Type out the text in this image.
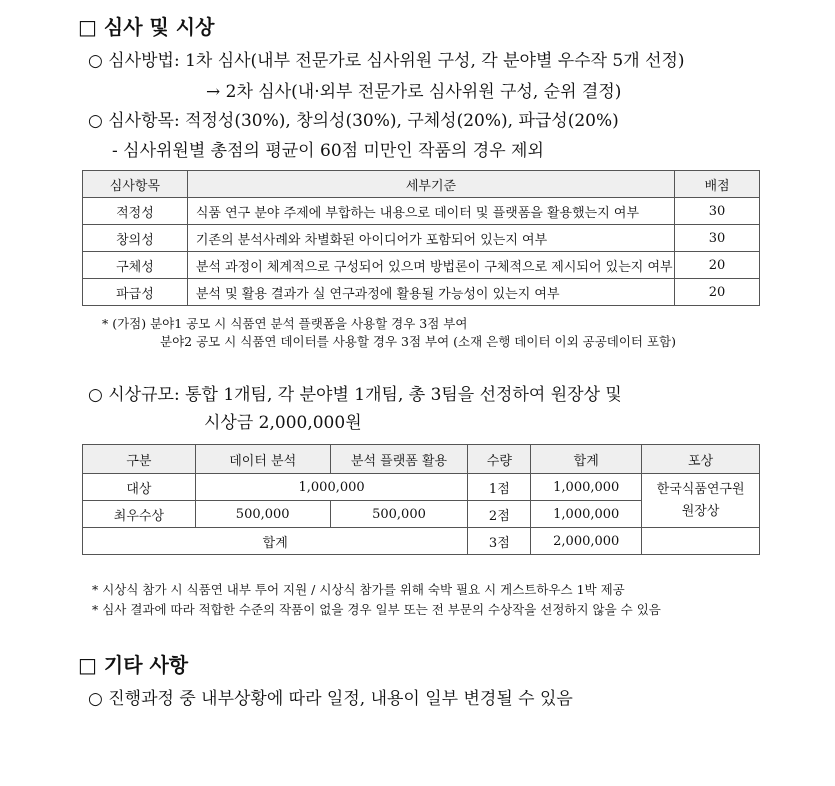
□ 심사 및 시상
○ 심사방법: 1차 심사(내부 전문가로 심사위원 구성, 각 분야별 우수작 5개 선정)
→ 2차 심사(내·외부 전문가로 심사위원 구성, 순위 결정)
○ 심사항목: 적정성(30%), 창의성(30%), 구체성(20%), 파급성(20%)
- 심사위원별 총점의 평균이 60점 미만인 작품의 경우 제외
심사항목	세부기준	배점
적정성	식품 연구 분야 주제에 부합하는 내용으로 데이터 및 플랫폼을 활용했는지 여부	30
창의성	기존의 분석사례와 차별화된 아이디어가 포함되어 있는지 여부	30
구체성	분석 과정이 체계적으로 구성되어 있으며 방법론이 구체적으로 제시되어 있는지 여부	20
파급성	분석 및 활용 결과가 실 연구과정에 활용될 가능성이 있는지 여부	20
* (가점) 분야1 공모 시 식품연 분석 플랫폼을 사용할 경우 3점 부여
분야2 공모 시 식품연 데이터를 사용할 경우 3점 부여 (소재 은행 데이터 이외 공공데이터 포함)
○ 시상규모: 통합 1개팀, 각 분야별 1개팀, 총 3팀을 선정하여 원장상 및
시상금 2,000,000원
구분	데이터 분석	분석 플랫폼 활용	수량	합계	포상
대상	1,000,000		1점	1,000,000	한국식품연구원
원장상

최우수상	500,000	500,000	2점	1,000,000	
합계			3점	2,000,000	
* 시상식 참가 시 식품연 내부 투어 지원 / 시상식 참가를 위해 숙박 필요 시 게스트하우스 1박 제공
* 심사 결과에 따라 적합한 수준의 작품이 없을 경우 일부 또는 전 부문의 수상작을 선정하지 않을 수 있음
□ 기타 사항
○ 진행과정 중 내부상황에 따라 일정, 내용이 일부 변경될 수 있음
